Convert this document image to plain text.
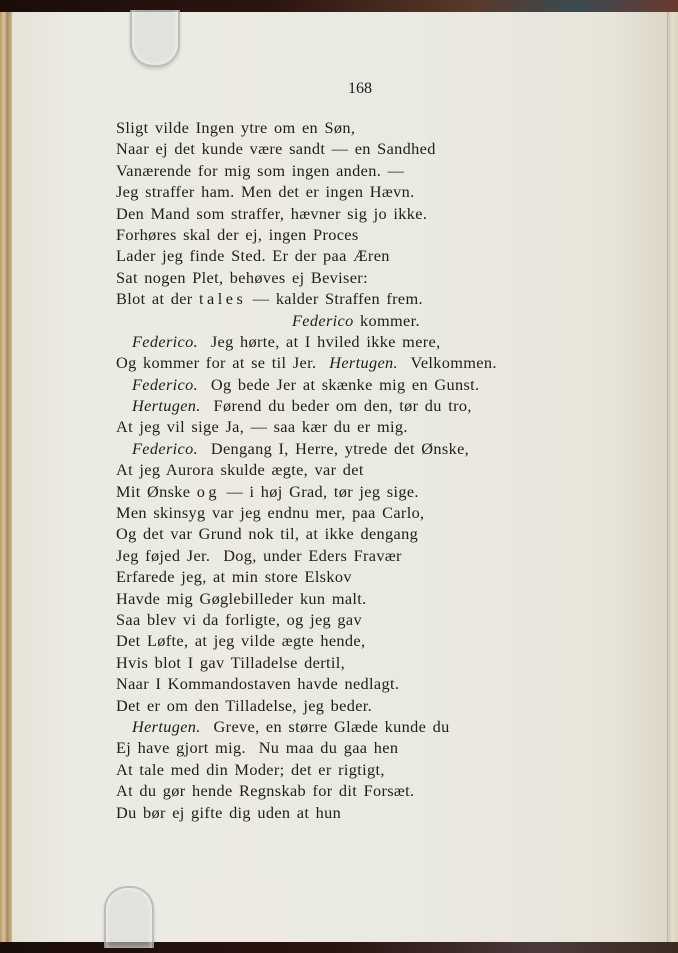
168
Sligt vilde Ingen ytre om en Søn,
Naar ej det kunde være sandt — en Sandhed
Vanærende for mig som ingen anden. —
Jeg straffer ham. Men det er ingen Hævn.
Den Mand som straffer, hævner sig jo ikke.
Forhøres skal der ej, ingen Proces
Lader jeg finde Sted. Er der paa Æren
Sat nogen Plet, behøves ej Beviser:
Blot at der tales — kalder Straffen frem.
Federico kommer.
Federico.  Jeg hørte, at I hviled ikke mere,
Og kommer for at se til Jer.  Hertugen.  Velkommen.
Federico.  Og bede Jer at skænke mig en Gunst.
Hertugen.  Førend du beder om den, tør du tro,
At jeg vil sige Ja, — saa kær du er mig.
Federico.  Dengang I, Herre, ytrede det Ønske,
At jeg Aurora skulde ægte, var det
Mit Ønske og — i høj Grad, tør jeg sige.
Men skinsyg var jeg endnu mer, paa Carlo,
Og det var Grund nok til, at ikke dengang
Jeg føjed Jer.  Dog, under Eders Fravær
Erfarede jeg, at min store Elskov
Havde mig Gøglebilleder kun malt.
Saa blev vi da forligte, og jeg gav
Det Løfte, at jeg vilde ægte hende,
Hvis blot I gav Tilladelse dertil,
Naar I Kommandostaven havde nedlagt.
Det er om den Tilladelse, jeg beder.
Hertugen.  Greve, en større Glæde kunde du
Ej have gjort mig.  Nu maa du gaa hen
At tale med din Moder; det er rigtigt,
At du gør hende Regnskab for dit Forsæt.
Du bør ej gifte dig uden at hun
